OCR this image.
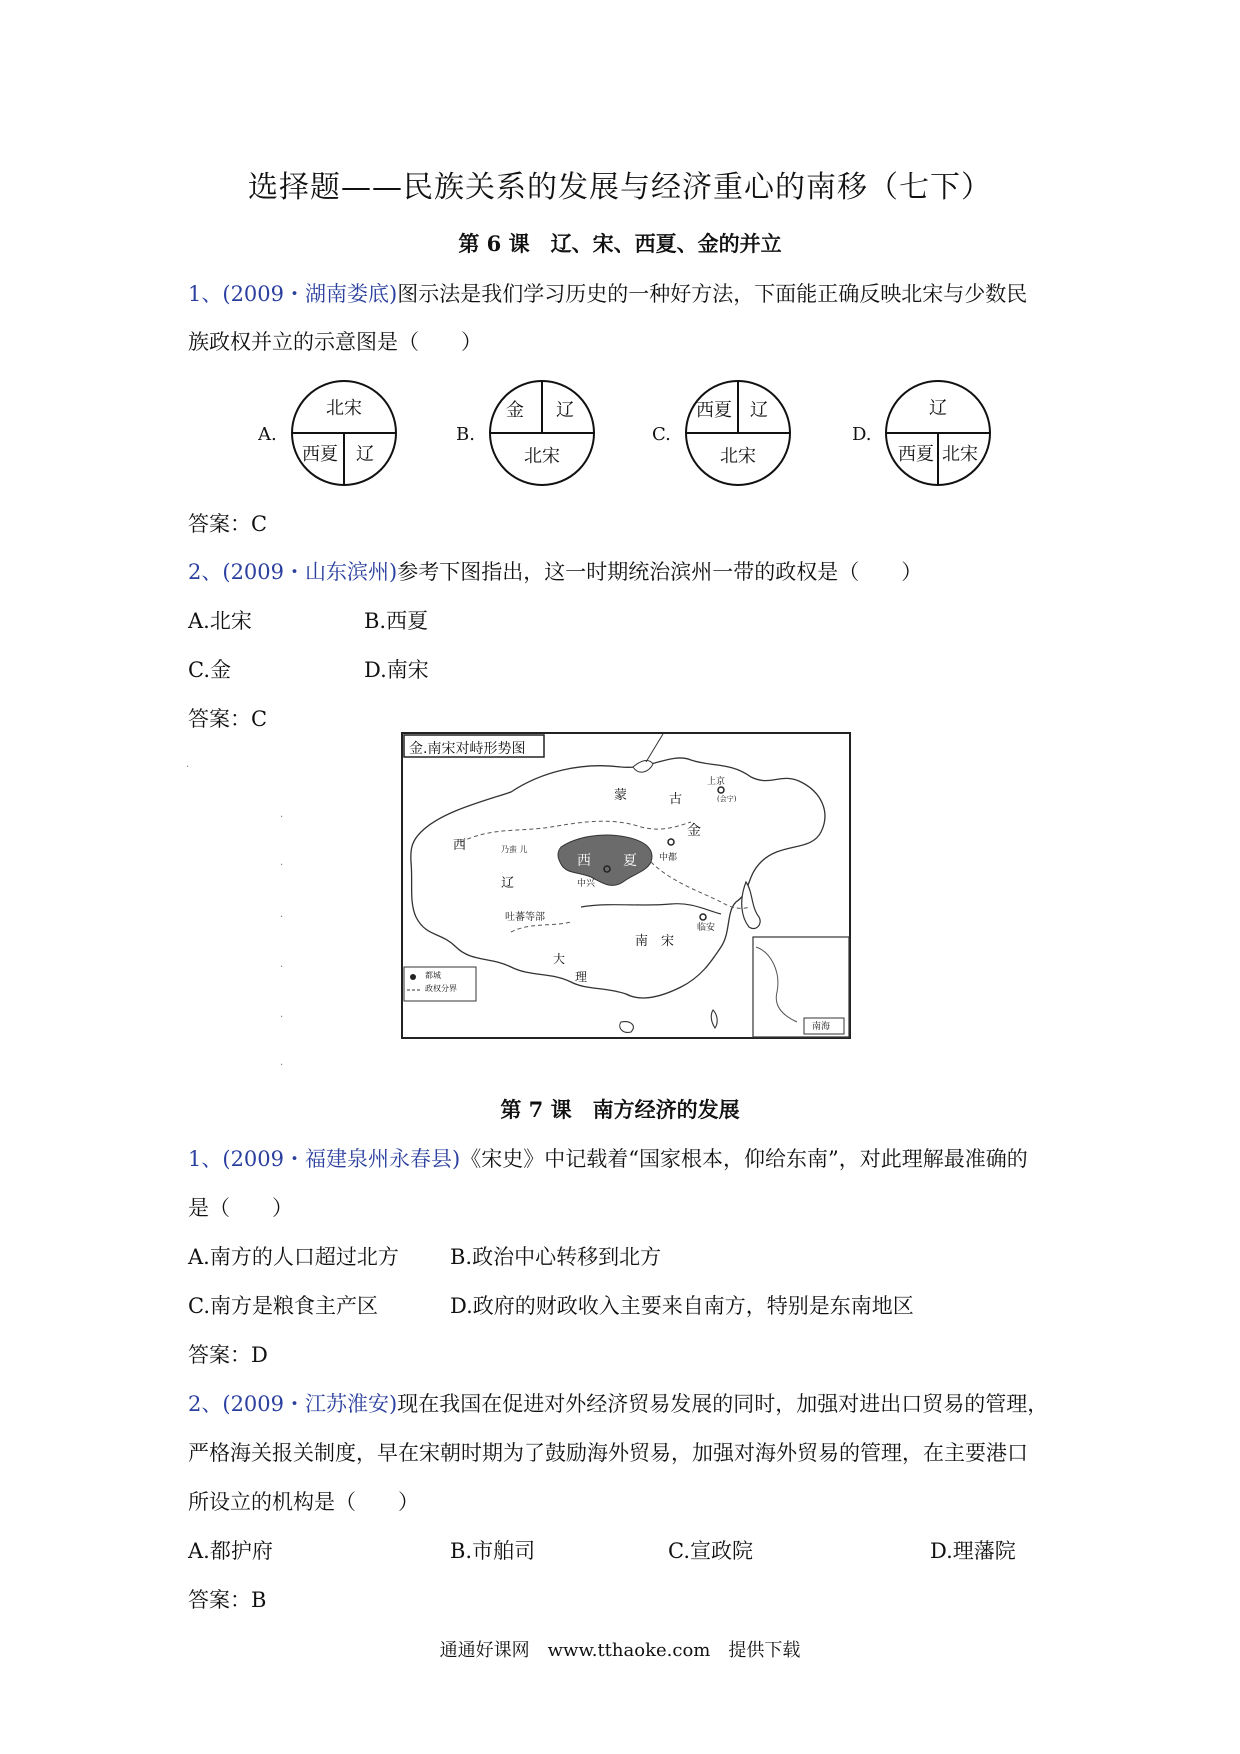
选择题——民族关系的发展与经济重心的南移（七下）
第 6 课　辽、宋、西夏、金的并立
1、(2009・湖南娄底)图示法是我们学习历史的一种好方法，下面能正确反映北宋与少数民
族政权并立的示意图是（　　）
A.
北宋
西夏 辽
B.
金 辽
北宋
C.
西夏 辽
北宋
D.
辽
西夏 北宋
答案：C
2、(2009・山东滨州)参考下图指出，这一时期统治滨州一带的政权是（　　）
A.北宋	B.西夏
C.金	D.南宋
答案：C
·
·
·
·
·
·
·
蒙	古
西
辽
乃蛮 儿
西 夏
金
上京
(会宁)
中都
中兴
吐蕃等部
南 宋
大
理
临安
南海
都城
政权分界
金.南宋对峙形势图
第 7 课　南方经济的发展
1、(2009・福建泉州永春县)《宋史》中记载着“国家根本，仰给东南”，对此理解最准确的
是（　　）
A.南方的人口超过北方 B.政治中心转移到北方
C.南方是粮食主产区	D.政府的财政收入主要来自南方，特别是东南地区
答案：D
2、(2009・江苏淮安)现在我国在促进对外经济贸易发展的同时，加强对进出口贸易的管理，
严格海关报关制度，早在宋朝时期为了鼓励海外贸易，加强对海外贸易的管理，在主要港口
所设立的机构是（　　）
A.都护府	B.市舶司	C.宣政院	D.理藩院
答案：B
通通好课网　www.tthaoke.com　提供下载
